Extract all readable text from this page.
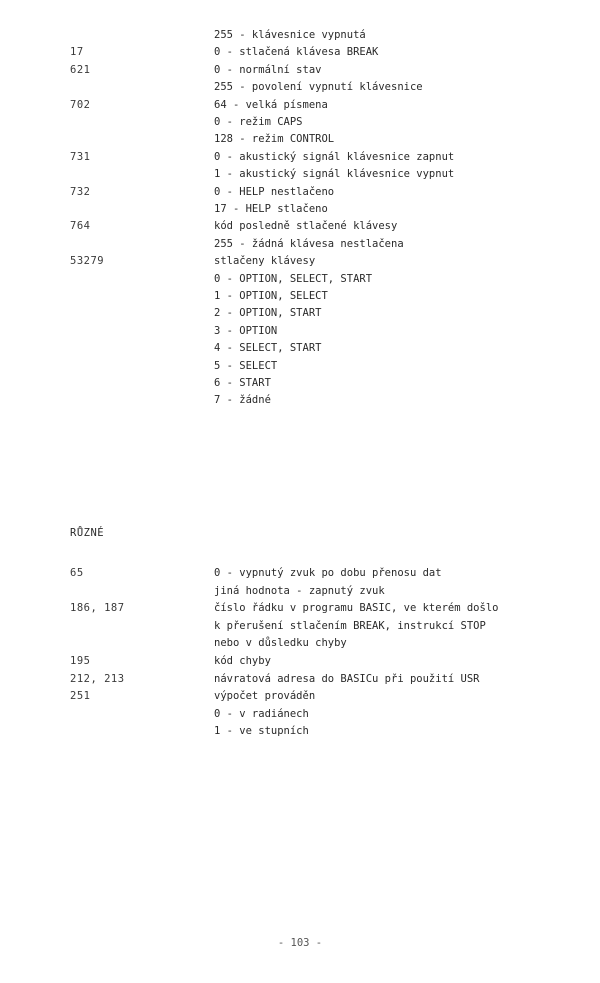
255 - klávesnice vypnutá
17	0 - stlačená klávesa BREAK
621	0 - normální stav
255 - povolení vypnutí klávesnice
702	64 - velká písmena
0 - režim CAPS
128 - režim CONTROL
731	0 - akustický signál klávesnice zapnut
1 - akustický signál klávesnice vypnut
732	0 - HELP nestlačeno
17 - HELP stlačeno
764	kód posledně stlačené klávesy
255 - žádná klávesa nestlačena
53279	stlačeny klávesy
0 - OPTION, SELECT, START
1 - OPTION, SELECT
2 - OPTION, START
3 - OPTION
4 - SELECT, START
5 - SELECT
6 - START
7 - žádné
RŮZNÉ
65	0 - vypnutý zvuk po dobu přenosu dat
jiná hodnota - zapnutý zvuk
186, 187	číslo řádku v programu BASIC, ve kterém došlo
k přerušení stlačením BREAK, instrukcí STOP
nebo v důsledku chyby
195	kód chyby
212, 213	návratová adresa do BASICu při použití USR
251	výpočet prováděn
0 - v radiánech
1 - ve stupních
- 103 -
